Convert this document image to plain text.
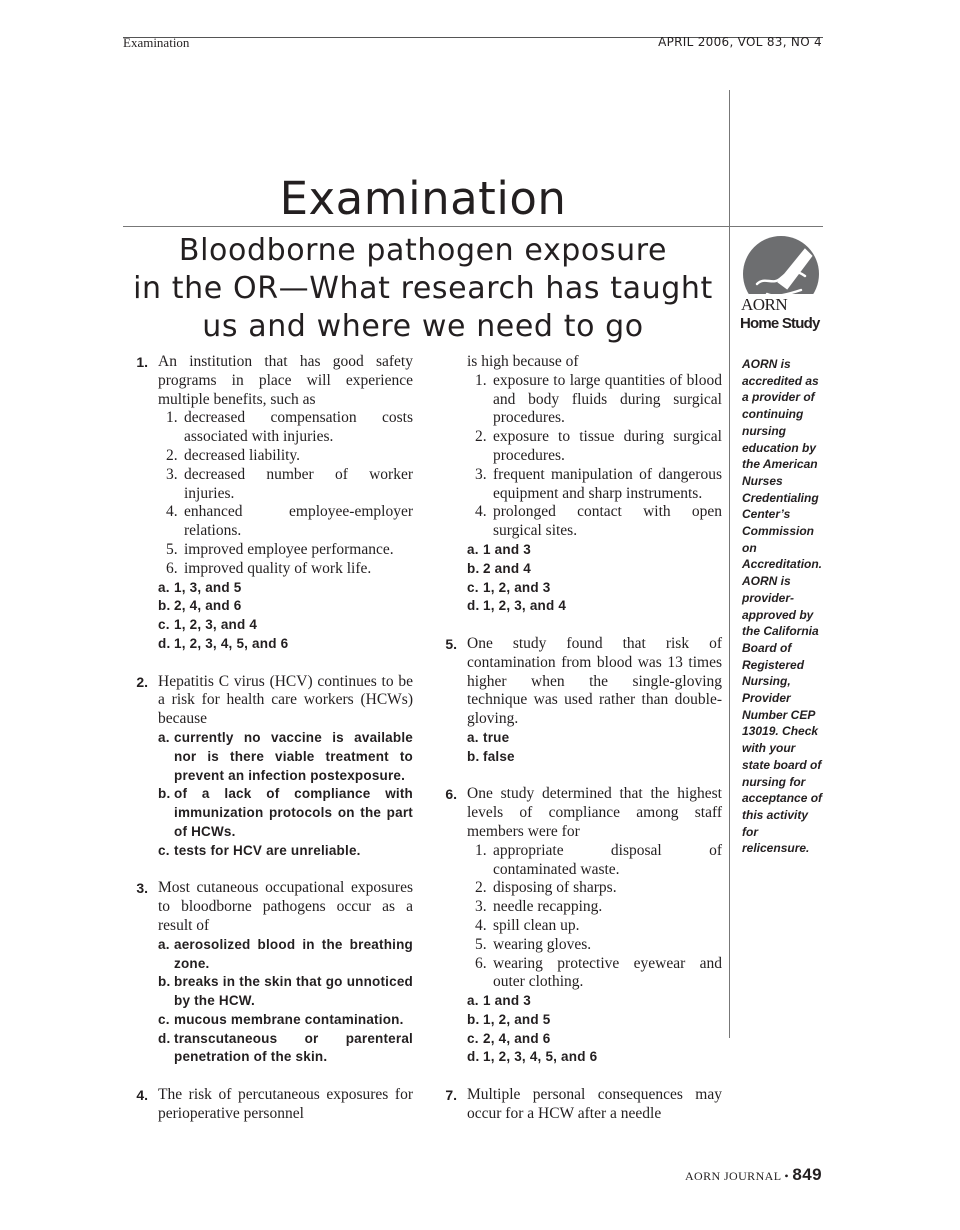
Examination	APRIL 2006, VOL 83, NO 4
Examination
Bloodborne pathogen exposure
in the OR—What research has taught
us and where we need to go
AORN
Home Study
AORN is accredited as a provider of continuing nursing education by the American Nurses Credentialing Center’s Commission on Accreditation. AORN is provider-approved by the California Board of Registered Nursing, Provider Number CEP 13019. Check with your state board of nursing for acceptance of this activity for relicensure.
1. An institution that has good safety programs in place will experience multiple benefits, such as
1. decreased compensation costs associated with injuries.
2. decreased liability.
3. decreased number of worker injuries.
4. enhanced employee-employer relations.
5. improved employee performance.
6. improved quality of work life.
a. 1, 3, and 5
b. 2, 4, and 6
c. 1, 2, 3, and 4
d. 1, 2, 3, 4, 5, and 6
2. Hepatitis C virus (HCV) continues to be a risk for health care workers (HCWs) because
a. currently no vaccine is available nor is there viable treatment to prevent an infection postexposure.
b. of a lack of compliance with immunization protocols on the part of HCWs.
c. tests for HCV are unreliable.
3. Most cutaneous occupational exposures to bloodborne pathogens occur as a result of
a. aerosolized blood in the breathing zone.
b. breaks in the skin that go unnoticed by the HCW.
c. mucous membrane contamination.
d. transcutaneous or parenteral penetration of the skin.
4. The risk of percutaneous exposures for perioperative personnel
is high because of
1. exposure to large quantities of blood and body fluids during surgical procedures.
2. exposure to tissue during surgical procedures.
3. frequent manipulation of dangerous equipment and sharp instruments.
4. prolonged contact with open surgical sites.
a. 1 and 3
b. 2 and 4
c. 1, 2, and 3
d. 1, 2, 3, and 4
5. One study found that risk of contamination from blood was 13 times higher when the single-gloving technique was used rather than double-gloving.
a. true
b. false
6. One study determined that the highest levels of compliance among staff members were for
1. appropriate disposal of contaminated waste.
2. disposing of sharps.
3. needle recapping.
4. spill clean up.
5. wearing gloves.
6. wearing protective eyewear and outer clothing.
a. 1 and 3
b. 1, 2, and 5
c. 2, 4, and 6
d. 1, 2, 3, 4, 5, and 6
7. Multiple personal consequences may occur for a HCW after a needle
AORN JOURNAL • 849
